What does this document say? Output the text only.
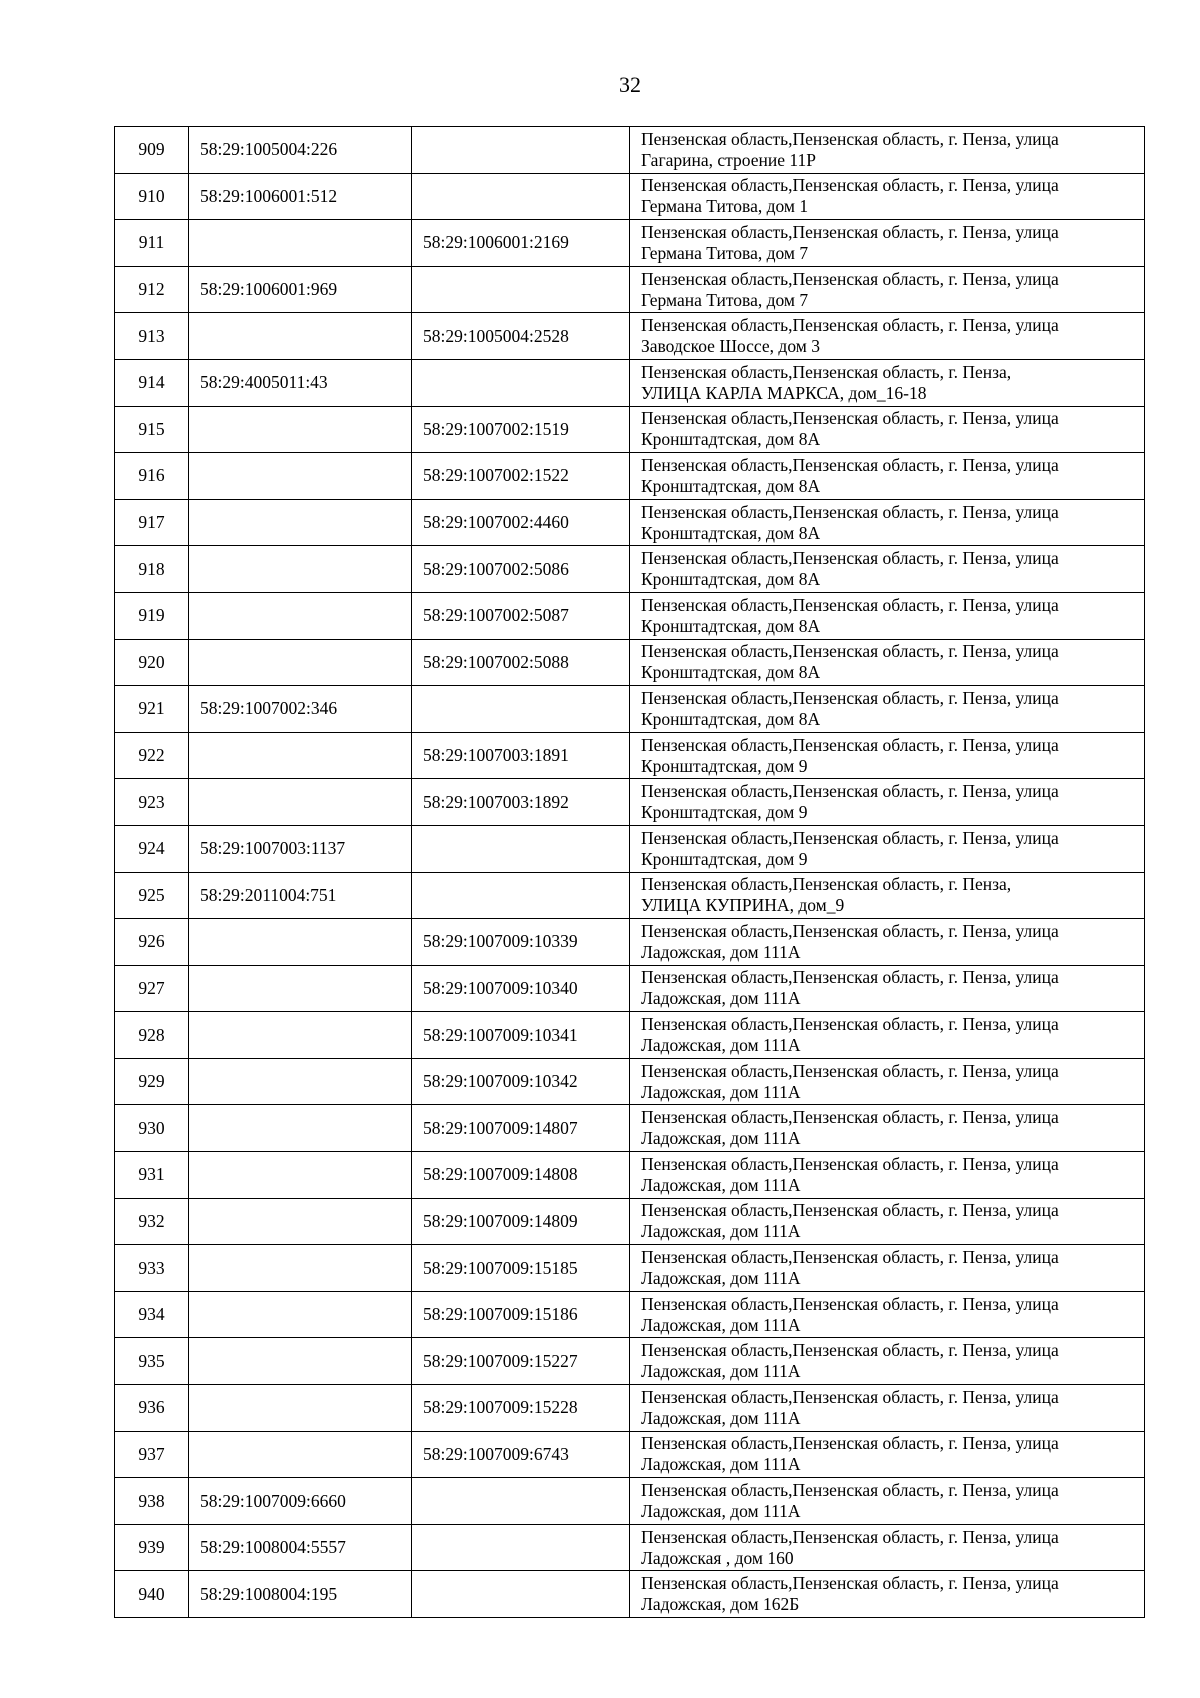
32
909	58:29:1005004:226		Пензенская область,Пензенская область, г. Пенза, улица
Гагарина, строение 11Р

910	58:29:1006001:512		Пензенская область,Пензенская область, г. Пенза, улица
Германа Титова, дом 1

911		58:29:1006001:2169	Пензенская область,Пензенская область, г. Пенза, улица
Германа Титова, дом 7

912	58:29:1006001:969		Пензенская область,Пензенская область, г. Пенза, улица
Германа Титова, дом 7

913		58:29:1005004:2528	Пензенская область,Пензенская область, г. Пенза, улица
Заводское Шоссе, дом 3

914	58:29:4005011:43		Пензенская область,Пензенская область, г. Пенза,
УЛИЦА КАРЛА МАРКСА, дом_16-18

915		58:29:1007002:1519	Пензенская область,Пензенская область, г. Пенза, улица
Кронштадтская, дом 8А

916		58:29:1007002:1522	Пензенская область,Пензенская область, г. Пенза, улица
Кронштадтская, дом 8А

917		58:29:1007002:4460	Пензенская область,Пензенская область, г. Пенза, улица
Кронштадтская, дом 8А

918		58:29:1007002:5086	Пензенская область,Пензенская область, г. Пенза, улица
Кронштадтская, дом 8А

919		58:29:1007002:5087	Пензенская область,Пензенская область, г. Пенза, улица
Кронштадтская, дом 8А

920		58:29:1007002:5088	Пензенская область,Пензенская область, г. Пенза, улица
Кронштадтская, дом 8А

921	58:29:1007002:346		Пензенская область,Пензенская область, г. Пенза, улица
Кронштадтская, дом 8А

922		58:29:1007003:1891	Пензенская область,Пензенская область, г. Пенза, улица
Кронштадтская, дом 9

923		58:29:1007003:1892	Пензенская область,Пензенская область, г. Пенза, улица
Кронштадтская, дом 9

924	58:29:1007003:1137		Пензенская область,Пензенская область, г. Пенза, улица
Кронштадтская, дом 9

925	58:29:2011004:751		Пензенская область,Пензенская область, г. Пенза,
УЛИЦА КУПРИНА, дом_9

926		58:29:1007009:10339	Пензенская область,Пензенская область, г. Пенза, улица
Ладожская, дом 111А

927		58:29:1007009:10340	Пензенская область,Пензенская область, г. Пенза, улица
Ладожская, дом 111А

928		58:29:1007009:10341	Пензенская область,Пензенская область, г. Пенза, улица
Ладожская, дом 111А

929		58:29:1007009:10342	Пензенская область,Пензенская область, г. Пенза, улица
Ладожская, дом 111А

930		58:29:1007009:14807	Пензенская область,Пензенская область, г. Пенза, улица
Ладожская, дом 111А

931		58:29:1007009:14808	Пензенская область,Пензенская область, г. Пенза, улица
Ладожская, дом 111А

932		58:29:1007009:14809	Пензенская область,Пензенская область, г. Пенза, улица
Ладожская, дом 111А

933		58:29:1007009:15185	Пензенская область,Пензенская область, г. Пенза, улица
Ладожская, дом 111А

934		58:29:1007009:15186	Пензенская область,Пензенская область, г. Пенза, улица
Ладожская, дом 111А

935		58:29:1007009:15227	Пензенская область,Пензенская область, г. Пенза, улица
Ладожская, дом 111А

936		58:29:1007009:15228	Пензенская область,Пензенская область, г. Пенза, улица
Ладожская, дом 111А

937		58:29:1007009:6743	Пензенская область,Пензенская область, г. Пенза, улица
Ладожская, дом 111А

938	58:29:1007009:6660		Пензенская область,Пензенская область, г. Пенза, улица
Ладожская, дом 111А

939	58:29:1008004:5557		Пензенская область,Пензенская область, г. Пенза, улица
Ладожская , дом 160

940	58:29:1008004:195		Пензенская область,Пензенская область, г. Пенза, улица
Ладожская, дом 162Б
